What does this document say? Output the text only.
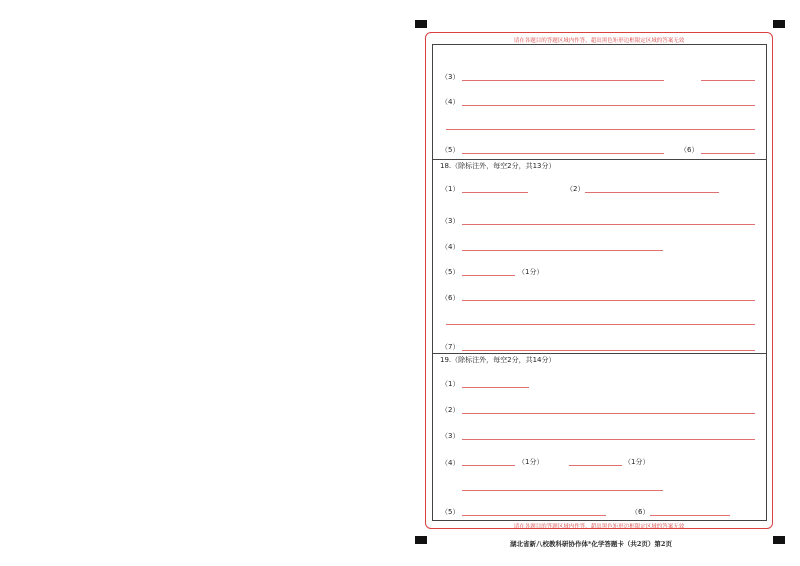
请在各题目的答题区域内作答，超出黑色矩形边框限定区域的答案无效
请在各题目的答题区域内作答，超出黑色矩形边框限定区域的答案无效
（3）
（4）
（5）	（6）
18.（除标注外，每空2分，共13分）
（1）	（2）
（3）
（4）
（5）	（1分）
（6）
（7）
19.（除标注外，每空2分，共14分）
（1）
（2）
（3）
（4）	（1分）	（1分）
（5）	（6）
湖北省新八校教科研协作体*化学答题卡（共2页）第2页
